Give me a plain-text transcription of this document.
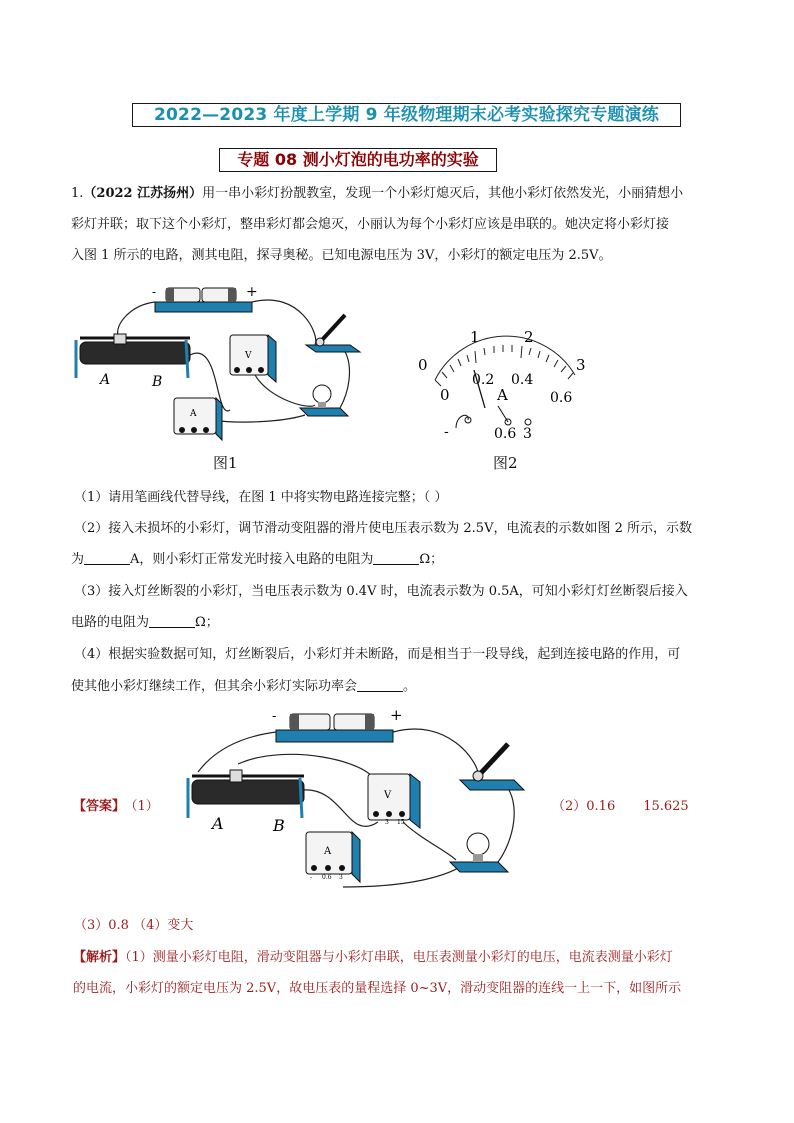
2022—2023 年度上学期 9 年级物理期末必考实验探究专题演练
专题 08 测小灯泡的电功率的实验
1.（2022 江苏扬州）用一串小彩灯扮靓教室，发现一个小彩灯熄灭后，其他小彩灯依然发光，小丽猜想小
彩灯并联；取下这个小彩灯，整串彩灯都会熄灭，小丽认为每个小彩灯应该是串联的。她决定将小彩灯接
入图 1 所示的电路，测其电阻，探寻奥秘。已知电源电压为 3V，小彩灯的额定电压为 2.5V。
-	+
A	B
V
A
图1
0
1	2
3
0
0.2 0.4
0.6
A
-	0.6 3
图2
（1）请用笔画线代替导线，在图 1 中将实物电路连接完整；（ ）
（2）接入未损坏的小彩灯，调节滑动变阻器的滑片使电压表示数为 2.5V，电流表的示数如图 2 所示，示数
为	A，则小彩灯正常发光时接入电路的电阻为	Ω；
（3）接入灯丝断裂的小彩灯，当电压表示数为 0.4V 时，电流表示数为 0.5A，可知小彩灯灯丝断裂后接入
电路的电阻为	Ω；
（4）根据实验数据可知，灯丝断裂后，小彩灯并未断路，而是相当于一段导线，起到连接电路的作用，可
使其他小彩灯继续工作，但其余小彩灯实际功率会	。
-	+
A	B
V
3 15
A
- 0.6 3
【答案】 （1）	（2）0.16 15.625
（3）0.8 （4）变大
【解析】（1）测量小彩灯电阻，滑动变阻器与小彩灯串联，电压表测量小彩灯的电压，电流表测量小彩灯
的电流，小彩灯的额定电压为 2.5V，故电压表的量程选择 0~3V，滑动变阻器的连线一上一下，如图所示
